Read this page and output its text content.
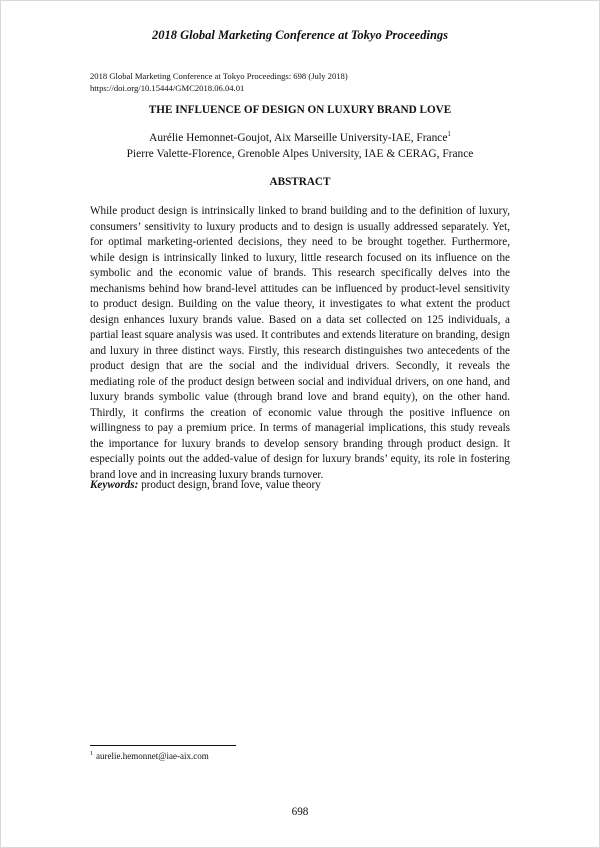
2018 Global Marketing Conference at Tokyo Proceedings
2018 Global Marketing Conference at Tokyo Proceedings: 698 (July 2018)
https://doi.org/10.15444/GMC2018.06.04.01
THE INFLUENCE OF DESIGN ON LUXURY BRAND LOVE
Aurélie Hemonnet-Goujot, Aix Marseille University-IAE, France$^1$
Pierre Valette-Florence, Grenoble Alpes University, IAE & CERAG, France
ABSTRACT
While product design is intrinsically linked to brand building and to the definition of luxury, consumers’ sensitivity to luxury products and to design is usually addressed separately. Yet, for optimal marketing-oriented decisions, they need to be brought together. Furthermore, while design is intrinsically linked to luxury, little research focused on its influence on the symbolic and the economic value of brands. This research specifically delves into the mechanisms behind how brand-level attitudes can be influenced by product-level sensitivity to product design. Building on the value theory, it investigates to what extent the product design enhances luxury brands value. Based on a data set collected on 125 individuals, a partial least square analysis was used. It contributes and extends literature on branding, design and luxury in three distinct ways. Firstly, this research distinguishes two antecedents of the product design that are the social and the individual drivers. Secondly, it reveals the mediating role of the product design between social and individual drivers, on one hand, and luxury brands symbolic value (through brand love and brand equity), on the other hand. Thirdly, it confirms the creation of economic value through the positive influence on willingness to pay a premium price. In terms of managerial implications, this study reveals the importance for luxury brands to develop sensory branding through product design. It especially points out the added-value of design for luxury brands’ equity, its role in fostering brand love and in increasing luxury brands turnover.
Keywords: product design, brand love, value theory
$^1$ aurelie.hemonnet@iae-aix.com
698
